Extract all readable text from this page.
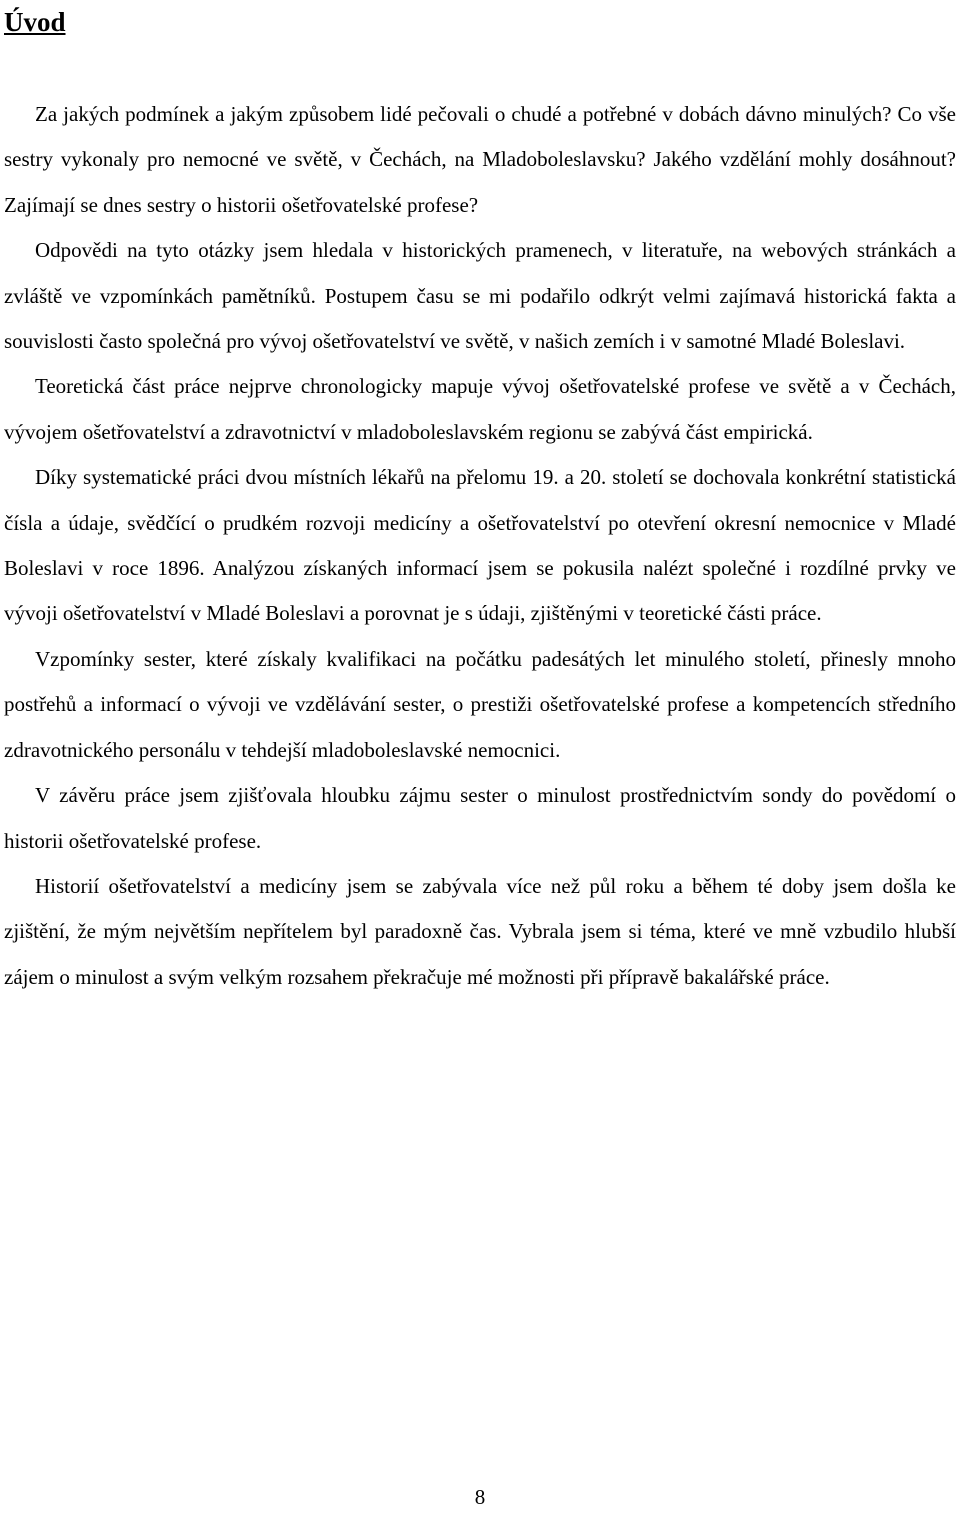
Úvod

Za jakých podmínek a jakým způsobem lidé pečovali o chudé a potřebné v dobách dávno minulých? Co vše sestry vykonaly pro nemocné ve světě, v Čechách, na Mladoboleslavsku? Jakého vzdělání mohly dosáhnout? Zajímají se dnes sestry o historii ošetřovatelské profese?

Odpovědi na tyto otázky jsem hledala v historických pramenech, v literatuře, na webových stránkách a zvláště ve vzpomínkách pamětníků. Postupem času se mi podařilo odkrýt velmi zajímavá historická fakta a souvislosti často společná pro vývoj ošetřovatelství ve světě, v našich zemích i v samotné Mladé Boleslavi.

Teoretická část práce nejprve chronologicky mapuje vývoj ošetřovatelské profese ve světě a v Čechách, vývojem ošetřovatelství a zdravotnictví v mladoboleslavském regionu se zabývá část empirická.

Díky systematické práci dvou místních lékařů na přelomu 19. a 20. století se dochovala konkrétní statistická čísla a údaje, svědčící o prudkém rozvoji medicíny a ošetřovatelství po otevření okresní nemocnice v Mladé Boleslavi v roce 1896. Analýzou získaných informací jsem se pokusila nalézt společné i rozdílné prvky ve vývoji ošetřovatelství v Mladé Boleslavi a porovnat je s údaji, zjištěnými v teoretické části práce.

Vzpomínky sester, které získaly kvalifikaci na počátku padesátých let minulého století, přinesly mnoho postřehů a informací o vývoji ve vzdělávání sester, o prestiži ošetřovatelské profese a kompetencích středního zdravotnického personálu v tehdejší mladoboleslavské nemocnici.

V závěru práce jsem zjišťovala hloubku zájmu sester o minulost prostřednictvím sondy do povědomí o historii ošetřovatelské profese.

Historií ošetřovatelství a medicíny jsem se zabývala více než půl roku a během té doby jsem došla ke zjištění, že mým největším nepřítelem byl paradoxně čas. Vybrala jsem si téma, které ve mně vzbudilo hlubší zájem o minulost a svým velkým rozsahem překračuje mé možnosti při přípravě bakalářské práce.

8
